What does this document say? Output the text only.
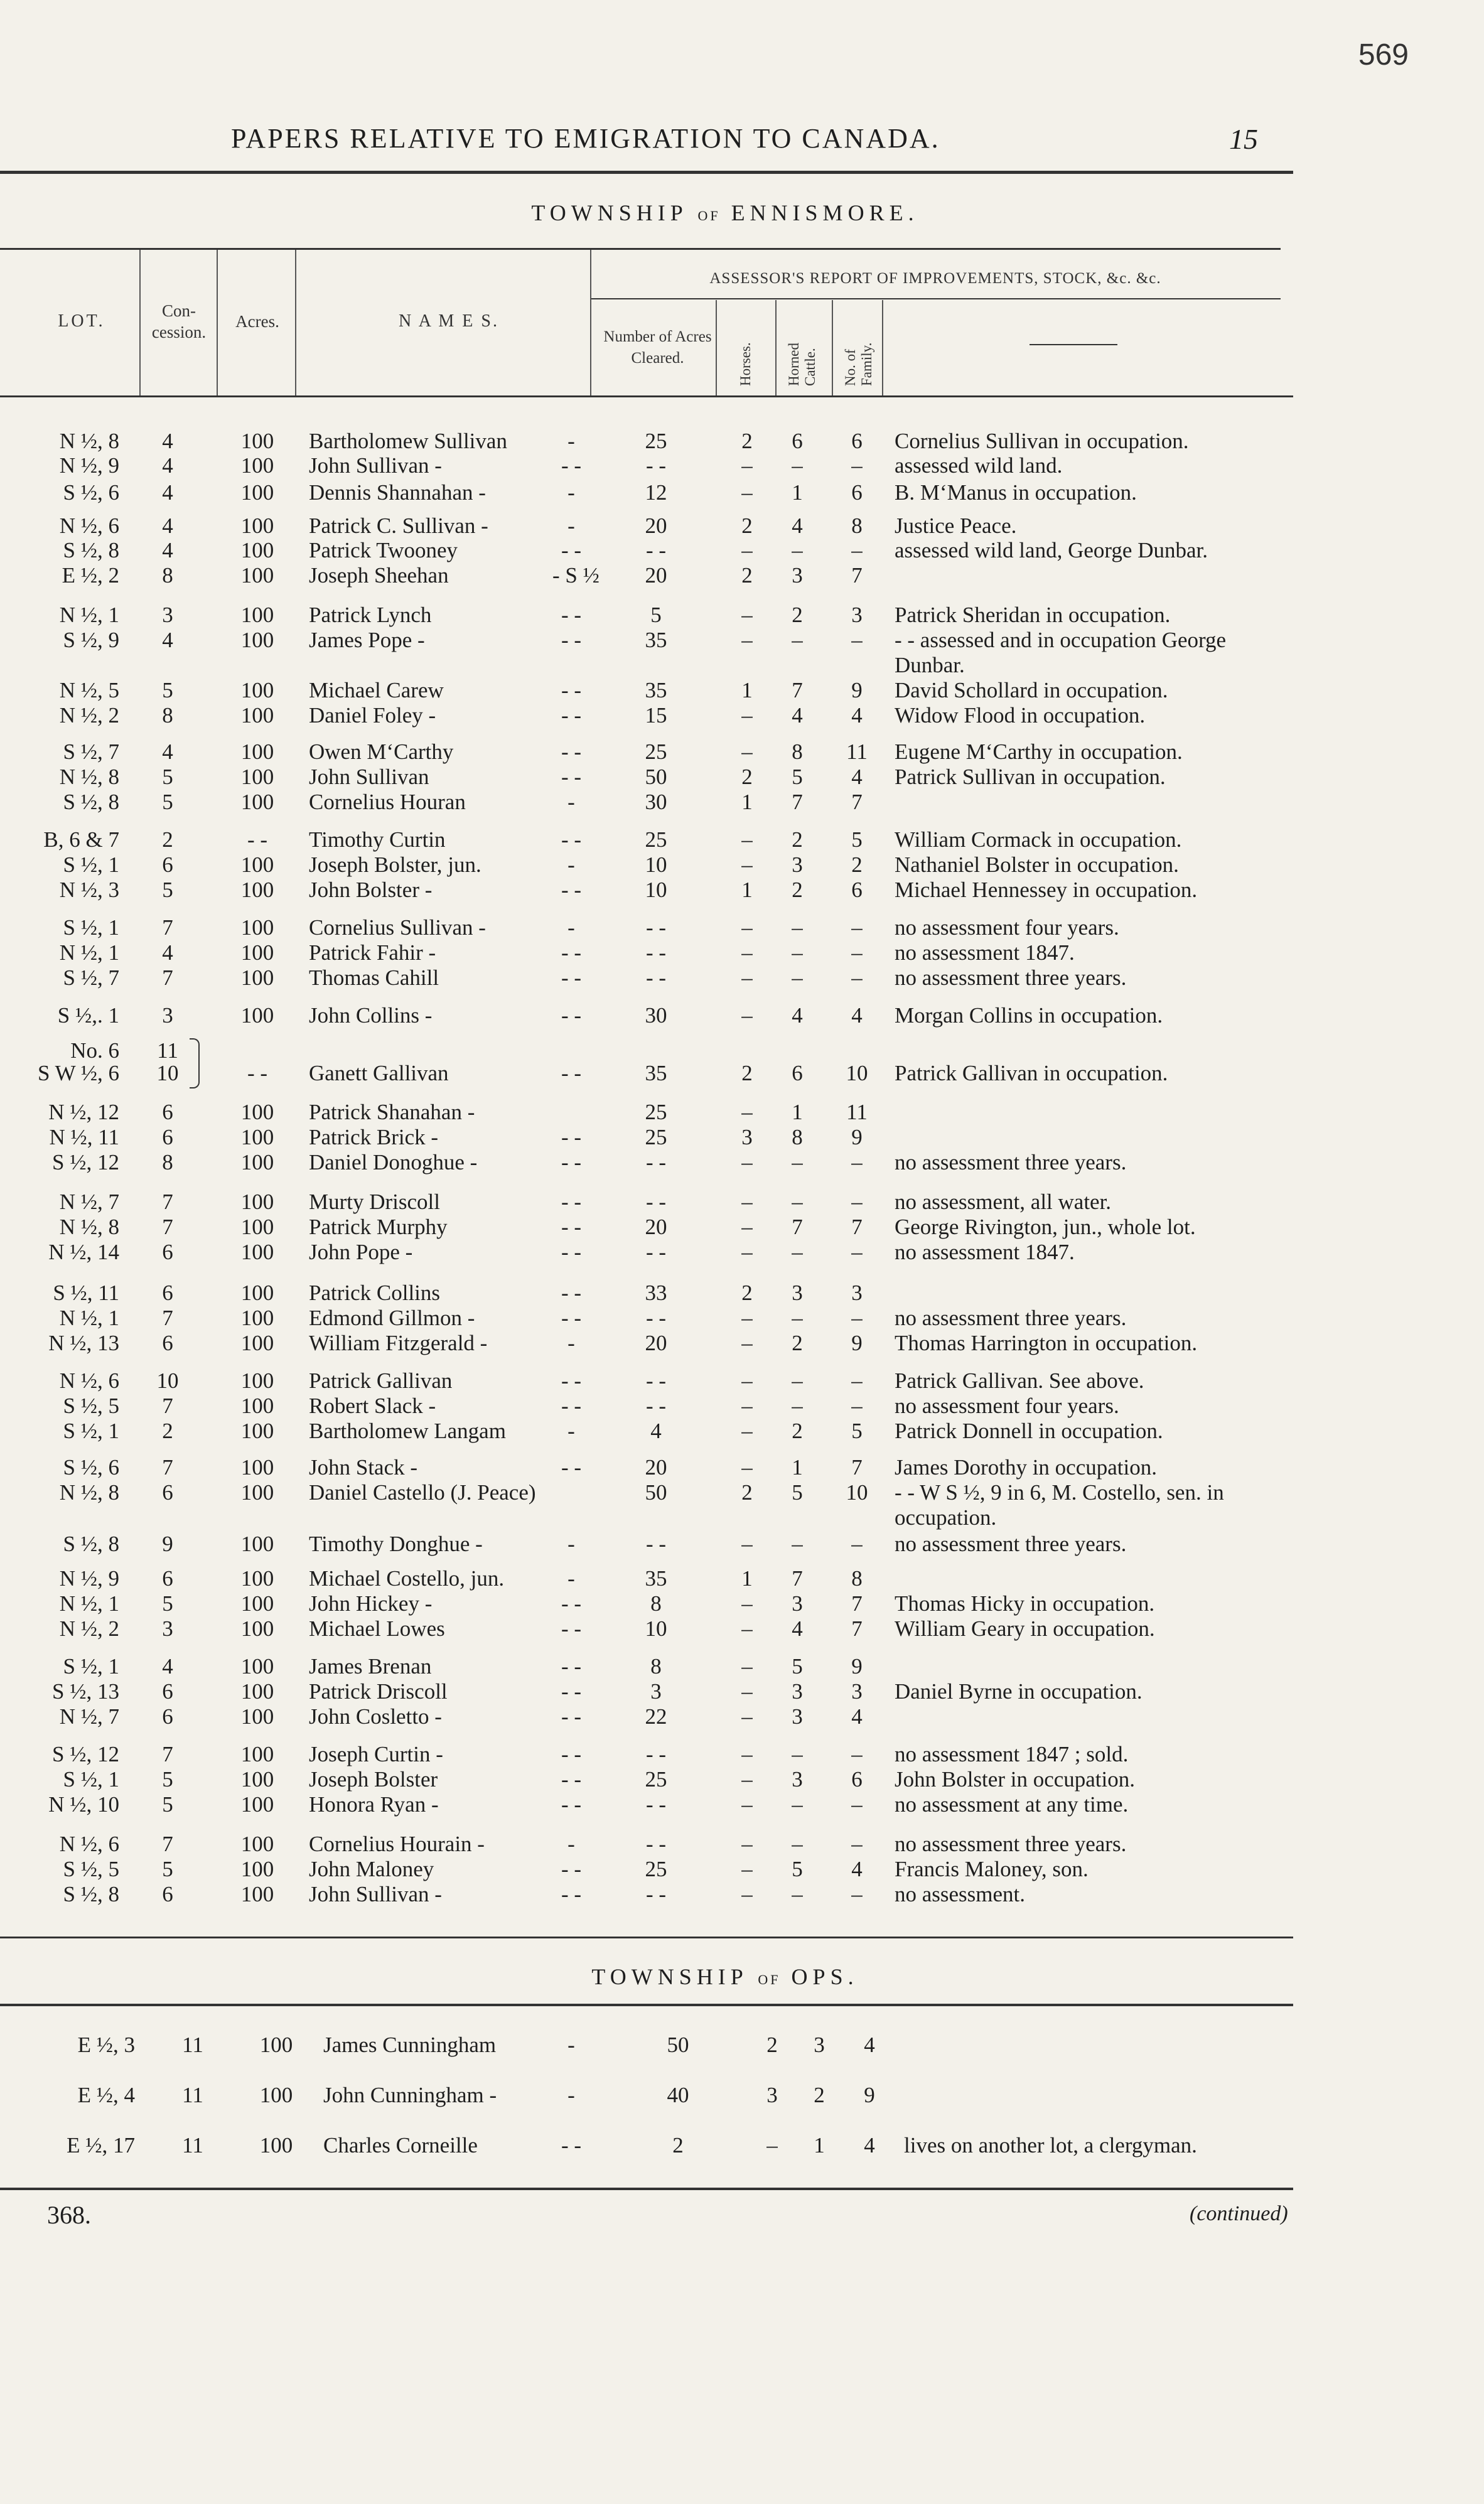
569
PAPERS RELATIVE TO EMIGRATION TO CANADA.	15
TOWNSHIP OF ENNISMORE.
LOT.
Con- cession.
Acres.	N A M E S.
ASSESSOR'S REPORT OF IMPROVEMENTS, STOCK, &c. &c.
Number of Acres Cleared.	Horses. Horned Cattle. No. of Family.
N ½, 8	4	100	Bartholomew Sullivan	-	25	2	6	6	Cornelius Sullivan in occupation.
N ½, 9	4	100	John Sullivan -	- -	- -	–	–	–	assessed wild land.
S ½, 6	4	100	Dennis Shannahan -	-	12	–	1	6	B. M‘Manus in occupation.
N ½, 6	4	100	Patrick C. Sullivan -	-	20	2	4	8	Justice Peace.
S ½, 8	4	100	Patrick Twooney	- -	- -	–	–	–	assessed wild land, George Dunbar.
E ½, 2	8	100	Joseph Sheehan	- S ½	20	2	3	7
N ½, 1	3	100	Patrick Lynch	- -	5	–	2	3	Patrick Sheridan in occupation.
S ½, 9	4	100	James Pope -	- -	35	–	–	–	- - assessed and in occupation George Dunbar.
N ½, 5	5	100	Michael Carew	- -	35	1	7	9	David Schollard in occupation.
N ½, 2	8	100	Daniel Foley -	- -	15	–	4	4	Widow Flood in occupation.
S ½, 7	4	100	Owen M‘Carthy	- -	25	–	8	11	Eugene M‘Carthy in occupation.
N ½, 8	5	100	John Sullivan	- -	50	2	5	4	Patrick Sullivan in occupation.
S ½, 8	5	100	Cornelius Houran	-	30	1	7	7
B, 6 & 7	2	- -	Timothy Curtin	- -	25	–	2	5	William Cormack in occupation.
S ½, 1	6	100	Joseph Bolster, jun.	-	10	–	3	2	Nathaniel Bolster in occupation.
N ½, 3	5	100	John Bolster -	- -	10	1	2	6	Michael Hennessey in occupation.
S ½, 1	7	100	Cornelius Sullivan -	-	- -	–	–	–	no assessment four years.
N ½, 1	4	100	Patrick Fahir -	- -	- -	–	–	–	no assessment 1847.
S ½, 7	7	100	Thomas Cahill	- -	- -	–	–	–	no assessment three years.
S ½,. 1	3	100	John Collins -	- -	30	–	4	4	Morgan Collins in occupation.
No. 6	11
S W ½, 6	10	- -	Ganett Gallivan	- -	35	2	6	10	Patrick Gallivan in occupation.
N ½, 12	6	100	Patrick Shanahan -	25	–	1	11
N ½, 11	6	100	Patrick Brick -	- -	25	3	8	9
S ½, 12	8	100	Daniel Donoghue -	- -	- -	–	–	–	no assessment three years.
N ½, 7	7	100	Murty Driscoll	- -	- -	–	–	–	no assessment, all water.
N ½, 8	7	100	Patrick Murphy	- -	20	–	7	7	George Rivington, jun., whole lot.
N ½, 14	6	100	John Pope -	- -	- -	–	–	–	no assessment 1847.
S ½, 11	6	100	Patrick Collins	- -	33	2	3	3
N ½, 1	7	100	Edmond Gillmon -	- -	- -	–	–	–	no assessment three years.
N ½, 13	6	100	William Fitzgerald -	-	20	–	2	9	Thomas Harrington in occupation.
N ½, 6	10	100	Patrick Gallivan	- -	- -	–	–	–	Patrick Gallivan. See above.
S ½, 5	7	100	Robert Slack -	- -	- -	–	–	–	no assessment four years.
S ½, 1	2	100	Bartholomew Langam	-	4	–	2	5	Patrick Donnell in occupation.
S ½, 6	7	100	John Stack -	- -	20	–	1	7	James Dorothy in occupation.
N ½, 8	6	100	Daniel Castello (J. Peace)	50	2	5	10	- - W S ½, 9 in 6, M. Costello, sen. in occupation.
S ½, 8	9	100	Timothy Donghue -	-	- -	–	–	–	no assessment three years.
N ½, 9	6	100	Michael Costello, jun.	-	35	1	7	8
N ½, 1	5	100	John Hickey -	- -	8	–	3	7	Thomas Hicky in occupation.
N ½, 2	3	100	Michael Lowes	- -	10	–	4	7	William Geary in occupation.
S ½, 1	4	100	James Brenan	- -	8	–	5	9
S ½, 13	6	100	Patrick Driscoll	- -	3	–	3	3	Daniel Byrne in occupation.
N ½, 7	6	100	John Cosletto -	- -	22	–	3	4
S ½, 12	7	100	Joseph Curtin -	- -	- -	–	–	–	no assessment 1847 ; sold.
S ½, 1	5	100	Joseph Bolster	- -	25	–	3	6	John Bolster in occupation.
N ½, 10	5	100	Honora Ryan -	- -	- -	–	–	–	no assessment at any time.
N ½, 6	7	100	Cornelius Hourain -	-	- -	–	–	–	no assessment three years.
S ½, 5	5	100	John Maloney	- -	25	–	5	4	Francis Maloney, son.
S ½, 8	6	100	John Sullivan -	- -	- -	–	–	–	no assessment.
TOWNSHIP OF OPS.
E ½, 3	11	100	James Cunningham	-	50	2	3	4
E ½, 4	11	100	John Cunningham -	-	40	3	2	9
E ½, 17	11	100	Charles Corneille	- -	2	–	1	4	lives on another lot, a clergyman.
368.	(continued)
